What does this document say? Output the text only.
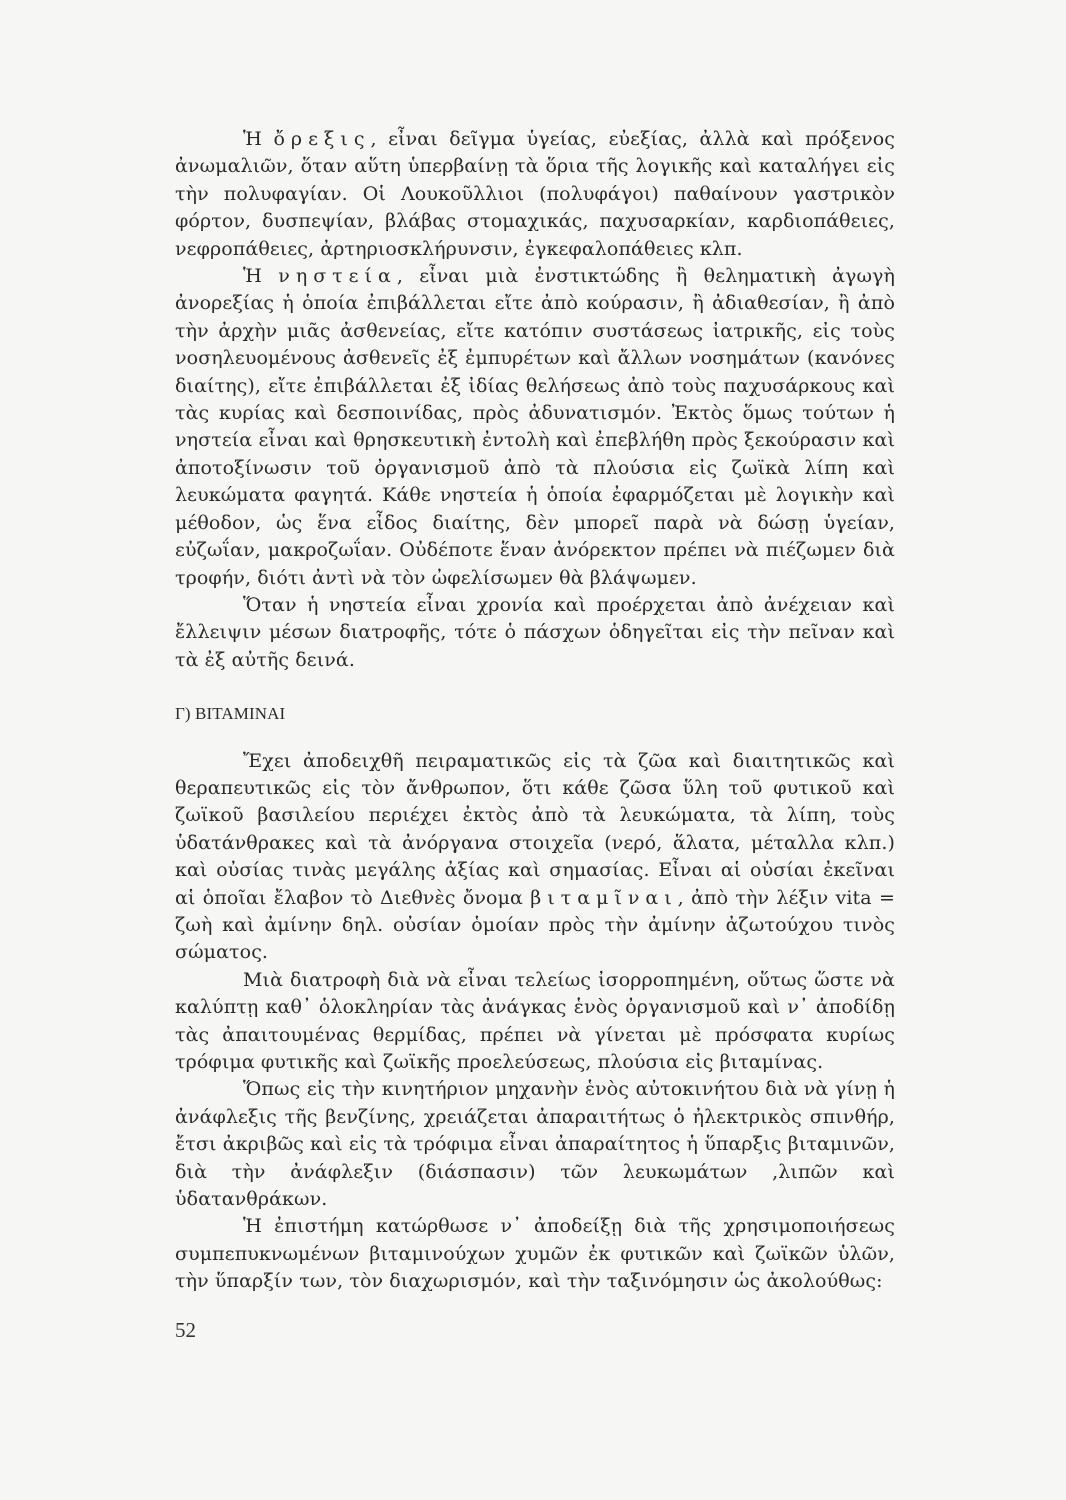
Ἡ ὄρεξις, εἶναι δεῖγμα ὑγείας, εὐεξίας, ἀλλὰ καὶ πρόξενος ἀνωμαλιῶν, ὅταν αὕτη ὑπερβαίνῃ τὰ ὅρια τῆς λογικῆς καὶ καταλήγει εἰς τὴν πολυφαγίαν. Οἱ Λουκοῦλλιοι (πολυφάγοι) παθαίνουν γαστρικὸν φόρτον, δυσπεψίαν, βλάβας στομαχικάς, παχυσαρκίαν, καρδιοπάθειες, νεφροπάθειες, ἀρτηριοσκλήρυνσιν, ἐγκεφαλοπάθειες κλπ.

Ἡ νηστεία, εἶναι μιὰ ἐνστικτώδης ἢ θεληματικὴ ἀγωγὴ ἀνορεξίας ἡ ὁποία ἐπιβάλλεται εἴτε ἀπὸ κούρασιν, ἢ ἀδιαθεσίαν, ἢ ἀπὸ τὴν ἀρχὴν μιᾶς ἀσθενείας, εἴτε κατόπιν συστάσεως ἰατρικῆς, εἰς τοὺς νοσηλευομένους ἀσθενεῖς ἐξ ἐμπυρέτων καὶ ἄλλων νοσημάτων (κανόνες διαίτης), εἴτε ἐπιβάλλεται ἐξ ἰδίας θελήσεως ἀπὸ τοὺς παχυσάρκους καὶ τὰς κυρίας καὶ δεσποινίδας, πρὸς ἀδυνατισμόν. Ἐκτὸς ὅμως τούτων ἡ νηστεία εἶναι καὶ θρησκευτικὴ ἐντολὴ καὶ ἐπεβλήθη πρὸς ξεκούρασιν καὶ ἀποτοξίνωσιν τοῦ ὀργανισμοῦ ἀπὸ τὰ πλούσια εἰς ζωϊκὰ λίπη καὶ λευκώματα φαγητά. Κάθε νηστεία ἡ ὁποία ἐφαρμόζεται μὲ λογικὴν καὶ μέθοδον, ὡς ἕνα εἶδος διαίτης, δὲν μπορεῖ παρὰ νὰ δώσῃ ὑγείαν, εὐζωΐαν, μακροζωΐαν. Οὐδέποτε ἕναν ἀνόρεκτον πρέπει νὰ πιέζωμεν διὰ τροφήν, διότι ἀντὶ νὰ τὸν ὠφελίσωμεν θὰ βλάψωμεν.

Ὅταν ἡ νηστεία εἶναι χρονία καὶ προέρχεται ἀπὸ ἀνέχειαν καὶ ἔλλειψιν μέσων διατροφῆς, τότε ὁ πάσχων ὁδηγεῖται εἰς τὴν πεῖναν καὶ τὰ ἐξ αὐτῆς δεινά.

Γ) ΒΙΤΑΜΙΝΑΙ

Ἔχει ἀποδειχθῆ πειραματικῶς εἰς τὰ ζῶα καὶ διαιτητικῶς καὶ θεραπευτικῶς εἰς τὸν ἄνθρωπον, ὅτι κάθε ζῶσα ὕλη τοῦ φυτικοῦ καὶ ζωϊκοῦ βασιλείου περιέχει ἐκτὸς ἀπὸ τὰ λευκώματα, τὰ λίπη, τοὺς ὑδατάνθρακες καὶ τὰ ἀνόργανα στοιχεῖα (νερό, ἅλατα, μέταλλα κλπ.) καὶ οὐσίας τινὰς μεγάλης ἀξίας καὶ σημασίας. Εἶναι αἱ οὐσίαι ἐκεῖναι αἱ ὁποῖαι ἔλαβον τὸ Διεθνὲς ὄνομα βιταμῖναι, ἀπὸ τὴν λέξιν vita = ζωὴ καὶ ἀμίνην δηλ. οὐσίαν ὁμοίαν πρὸς τὴν ἀμίνην ἀζωτούχου τινὸς σώματος.

Μιὰ διατροφὴ διὰ νὰ εἶναι τελείως ἰσορροπημένη, οὕτως ὥστε νὰ καλύπτῃ καθ᾿ ὁλοκληρίαν τὰς ἀνάγκας ἑνὸς ὀργανισμοῦ καὶ ν᾿ ἀποδίδῃ τὰς ἀπαιτουμένας θερμίδας, πρέπει νὰ γίνεται μὲ πρόσφατα κυρίως τρόφιμα φυτικῆς καὶ ζωϊκῆς προελεύσεως, πλούσια εἰς βιταμίνας.

Ὅπως εἰς τὴν κινητήριον μηχανὴν ἑνὸς αὐτοκινήτου διὰ νὰ γίνῃ ἡ ἀνάφλεξις τῆς βενζίνης, χρειάζεται ἀπαραιτήτως ὁ ἠλεκτρικὸς σπινθήρ, ἔτσι ἀκριβῶς καὶ εἰς τὰ τρόφιμα εἶναι ἀπαραίτητος ἡ ὕπαρξις βιταμινῶν, διὰ τὴν ἀνάφλεξιν (διάσπασιν) τῶν λευκωμάτων ,λιπῶν καὶ ὑδατανθράκων.

Ἡ ἐπιστήμη κατώρθωσε ν᾿ ἀποδείξῃ διὰ τῆς χρησιμοποιήσεως συμπεπυκνωμένων βιταμινούχων χυμῶν ἐκ φυτικῶν καὶ ζωϊκῶν ὑλῶν, τὴν ὕπαρξίν των, τὸν διαχωρισμόν, καὶ τὴν ταξινόμησιν ὡς ἀκολούθως:

52
